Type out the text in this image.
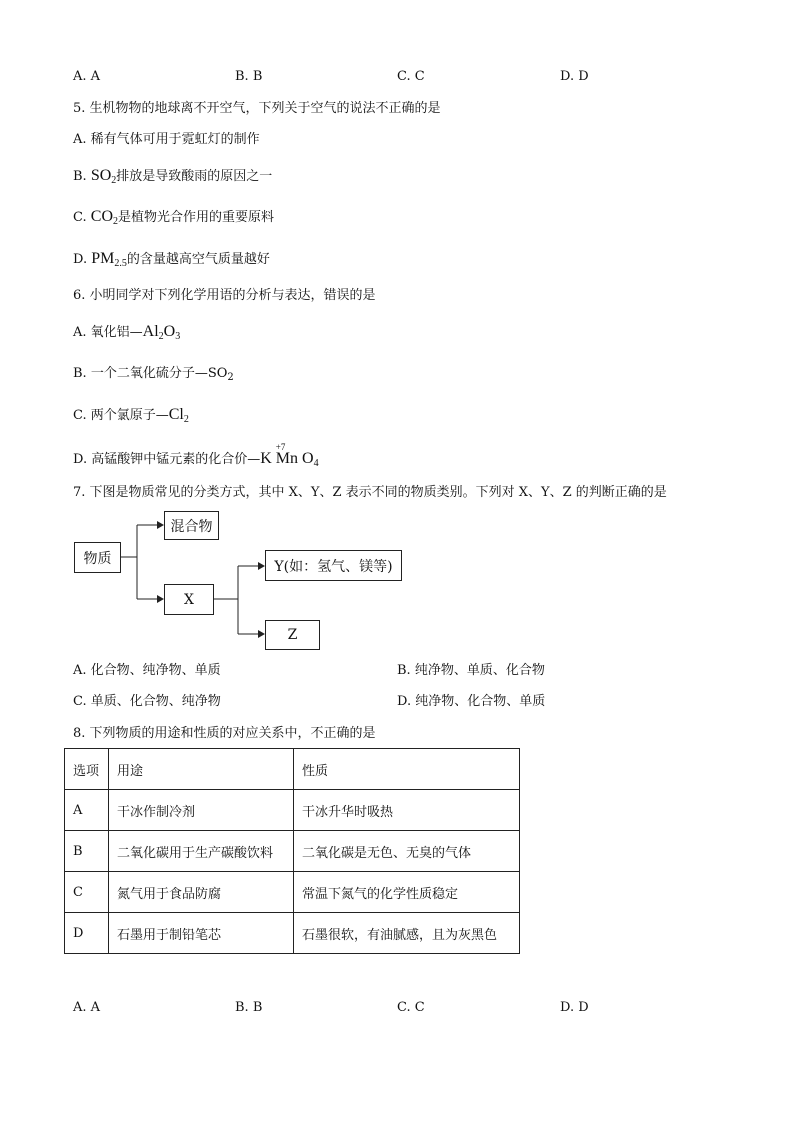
A. A	B. B	C. C	D. D
5. 生机物物的地球离不开空气，下列关于空气的说法不正确的是
A. 稀有气体可用于霓虹灯的制作
B. $SO_2$排放是导致酸雨的原因之一
C. $CO_2$是植物光合作用的重要原料
D. $PM_{2.5}$的含量越高空气质量越好
6. 小明同学对下列化学用语的分析与表达，错误的是
A. 氧化铝$—Al_2O_3$
B. 一个二氧化硫分子$—SO_2$
C. 两个氯原子$—Cl_2$
D. 高锰酸钾中锰元素的化合价—K
+7
Mn $O_4$
7. 下图是物质常见的分类方式，其中 X、Y、Z 表示不同的物质类别。下列对 X、Y、Z 的判断正确的是
物质
混合物
X
Y(如：氢气、镁等)
Z
A. 化合物、纯净物、单质	B. 纯净物、单质、化合物
C. 单质、化合物、纯净物	D. 纯净物、化合物、单质
8. 下列物质的用途和性质的对应关系中，不正确的是
选项	用途	性质
A	干冰作制冷剂	干冰升华时吸热
B	二氧化碳用于生产碳酸饮料	二氧化碳是无色、无臭的气体
C	氮气用于食品防腐	常温下氮气的化学性质稳定
D	石墨用于制铅笔芯	石墨很软，有油腻感，且为灰黑色
A. A	B. B	C. C	D. D
